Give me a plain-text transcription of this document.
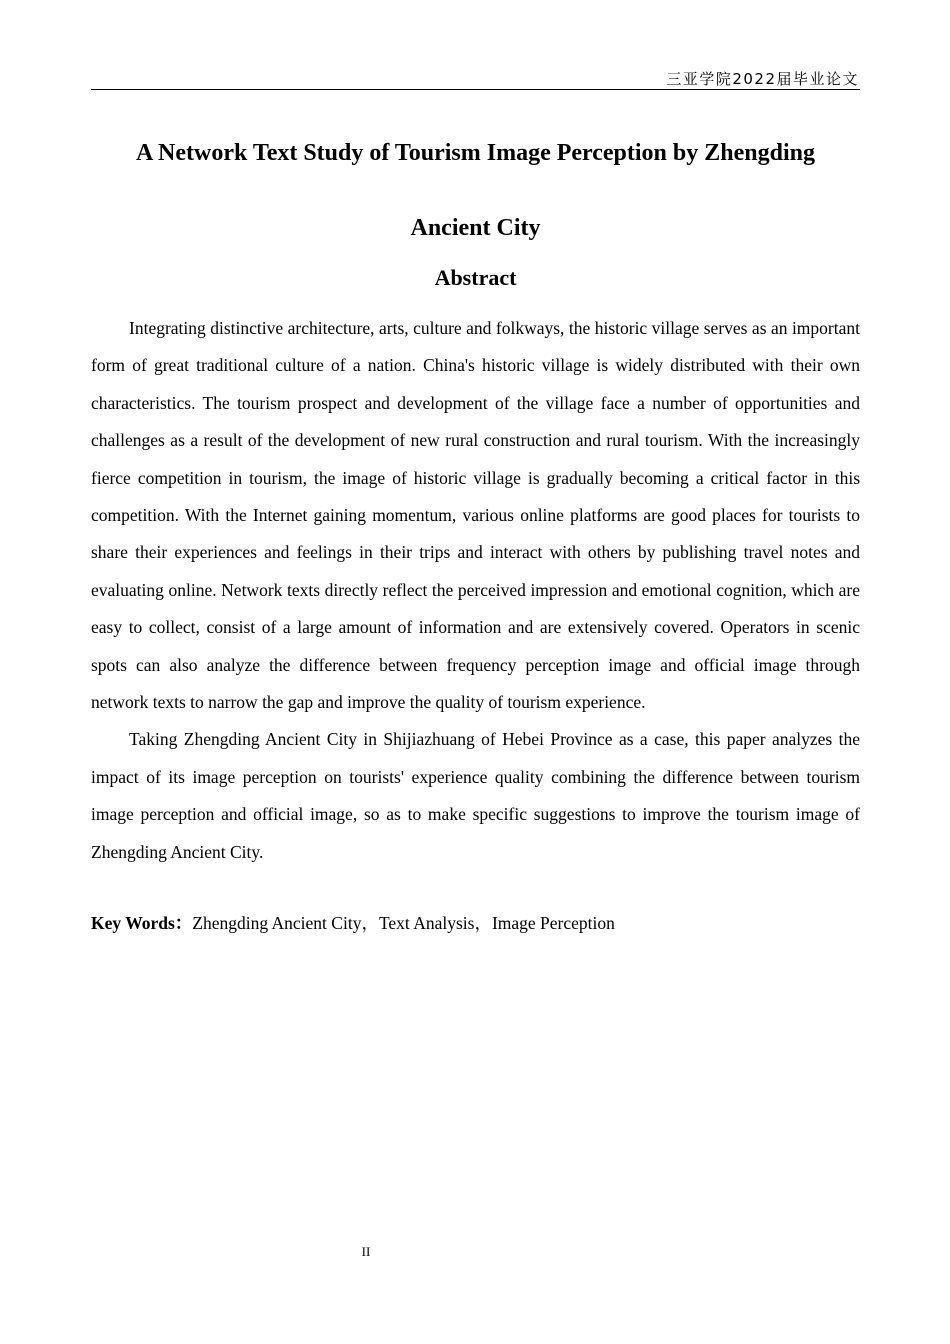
三亚学院2022届毕业论文
A Network Text Study of Tourism Image Perception by Zhengding
Ancient City
Abstract

Integrating distinctive architecture, arts, culture and folkways, the historic village serves as an important form of great traditional culture of a nation. China's historic village is widely distributed with their own characteristics. The tourism prospect and development of the village face a number of opportunities and challenges as a result of the development of new rural construction and rural tourism. With the increasingly fierce competition in tourism, the image of historic village is gradually becoming a critical factor in this competition. With the Internet gaining momentum, various online platforms are good places for tourists to share their experiences and feelings in their trips and interact with others by publishing travel notes and evaluating online. Network texts directly reflect the perceived impression and emotional cognition, which are easy to collect, consist of a large amount of information and are extensively covered. Operators in scenic spots can also analyze the difference between frequency perception image and official image through network texts to narrow the gap and improve the quality of tourism experience.

Taking Zhengding Ancient City in Shijiazhuang of Hebei Province as a case, this paper analyzes the impact of its image perception on tourists' experience quality combining the difference between tourism image perception and official image, so as to make specific suggestions to improve the tourism image of Zhengding Ancient City.

Key Words：Zhengding Ancient City，Text Analysis，Image Perception
II
